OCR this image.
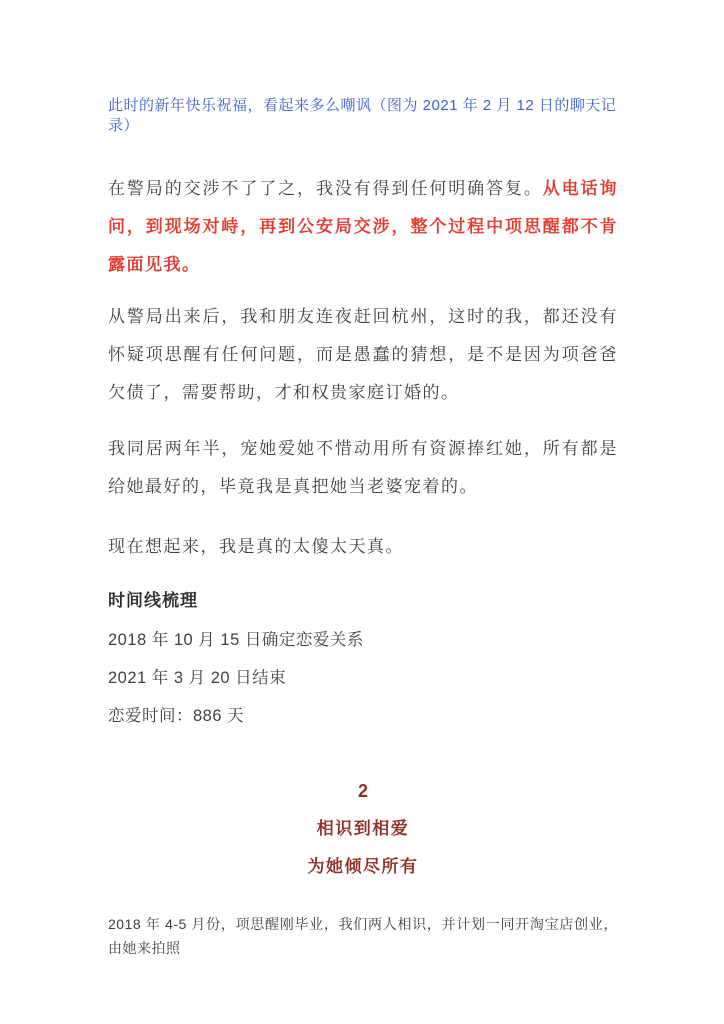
此时的新年快乐祝福，看起来多么嘲讽（图为 2021 年 2 月 12 日的聊天记录）

在警局的交涉不了了之，我没有得到任何明确答复。从电话询问，到现场对峙，再到公安局交涉，整个过程中项思醒都不肯露面见我。

从警局出来后，我和朋友连夜赶回杭州，这时的我，都还没有怀疑项思醒有任何问题，而是愚蠢的猜想，是不是因为项爸爸欠债了，需要帮助，才和权贵家庭订婚的。

我同居两年半，宠她爱她不惜动用所有资源捧红她，所有都是给她最好的，毕竟我是真把她当老婆宠着的。

现在想起来，我是真的太傻太天真。

时间线梳理

2018 年 10 月 15 日确定恋爱关系

2021 年 3 月 20 日结束

恋爱时间：886 天

2

相识到相爱

为她倾尽所有

2018 年 4-5 月份，项思醒刚毕业，我们两人相识，并计划一同开淘宝店创业，由她来拍照
